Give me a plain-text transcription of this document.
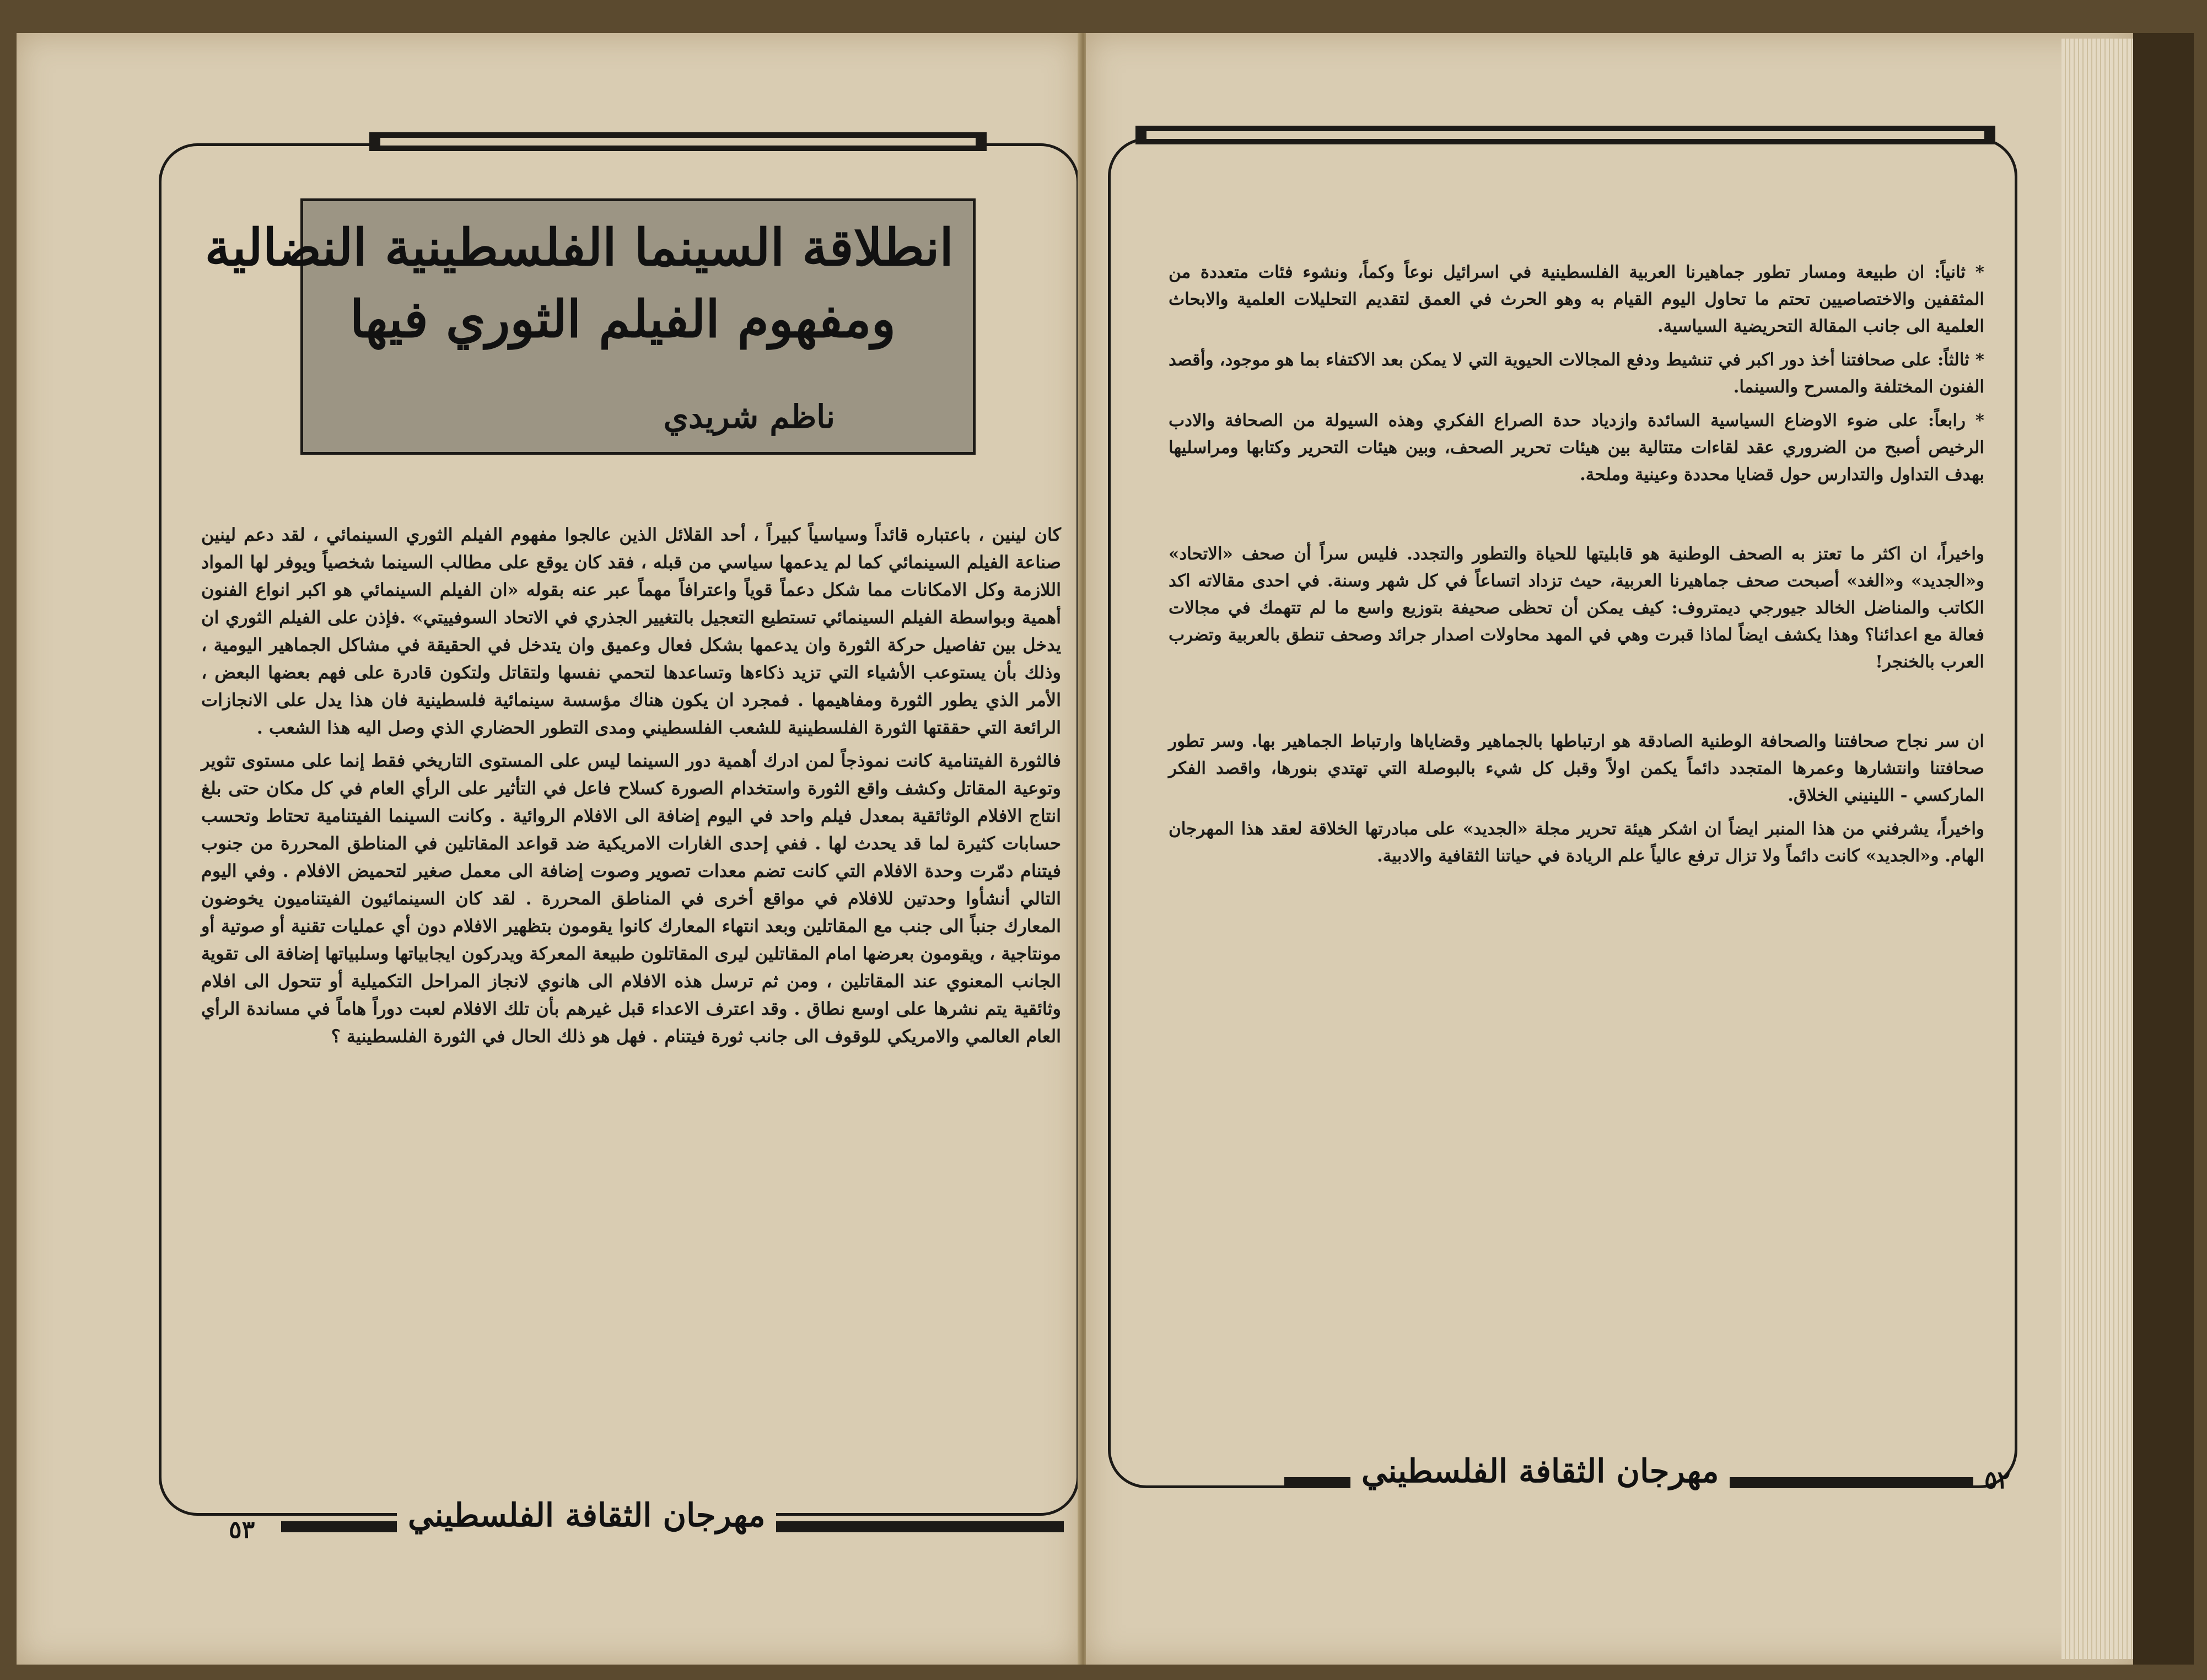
انطلاقة السينما الفلسطينية النضالية
ومفهوم الفيلم الثوري فيها
ناظم شريدي

كان لينين ، باعتباره قائداً وسياسياً كبيراً ، أحد القلائل الذين عالجوا مفهوم الفيلم الثوري السينمائي ، لقد دعم لينين صناعة الفيلم السينمائي كما لم يدعمها سياسي من قبله ، فقد كان يوقع على مطالب السينما شخصياً ويوفر لها المواد اللازمة وكل الامكانات مما شكل دعماً قوياً واعترافاً مهماً عبر عنه بقوله «ان الفيلم السينمائي هو اكبر انواع الفنون أهمية وبواسطة الفيلم السينمائي تستطيع التعجيل بالتغيير الجذري في الاتحاد السوفييتي» .فإذن على الفيلم الثوري ان يدخل بين تفاصيل حركة الثورة وان يدعمها بشكل فعال وعميق وان يتدخل في الحقيقة في مشاكل الجماهير اليومية ، وذلك بأن يستوعب الأشياء التي تزيد ذكاءها وتساعدها لتحمي نفسها ولتقاتل ولتكون قادرة على فهم بعضها البعض ، الأمر الذي يطور الثورة ومفاهيمها . فمجرد ان يكون هناك مؤسسة سينمائية فلسطينية فان هذا يدل على الانجازات الرائعة التي حققتها الثورة الفلسطينية للشعب الفلسطيني ومدى التطور الحضاري الذي وصل اليه هذا الشعب .

فالثورة الفيتنامية كانت نموذجاً لمن ادرك أهمية دور السينما ليس على المستوى التاريخي فقط إنما على مستوى تثوير وتوعية المقاتل وكشف واقع الثورة واستخدام الصورة كسلاح فاعل في التأثير على الرأي العام في كل مكان حتى بلغ انتاج الافلام الوثائقية بمعدل فيلم واحد في اليوم إضافة الى الافلام الروائية . وكانت السينما الفيتنامية تحتاط وتحسب حسابات كثيرة لما قد يحدث لها . ففي إحدى الغارات الامريكية ضد قواعد المقاتلين في المناطق المحررة من جنوب فيتنام دمّرت وحدة الافلام التي كانت تضم معدات تصوير وصوت إضافة الى معمل صغير لتحميض الافلام . وفي اليوم التالي أنشأوا وحدتين للافلام في مواقع أخرى في المناطق المحررة . لقد كان السينمائيون الفيتناميون يخوضون المعارك جنباً الى جنب مع المقاتلين وبعد انتهاء المعارك كانوا يقومون بتظهير الافلام دون أي عمليات تقنية أو صوتية أو مونتاجية ، ويقومون بعرضها امام المقاتلين ليرى المقاتلون طبيعة المعركة ويدركون ايجابياتها وسلبياتها إضافة الى تقوية الجانب المعنوي عند المقاتلين ، ومن ثم ترسل هذه الافلام الى هانوي لانجاز المراحل التكميلية أو تتحول الى افلام وثائقية يتم نشرها على اوسع نطاق . وقد اعترف الاعداء قبل غيرهم بأن تلك الافلام لعبت دوراً هاماً في مساندة الرأي العام العالمي والامريكي للوقوف الى جانب ثورة فيتنام . فهل هو ذلك الحال في الثورة الفلسطينية ؟

مهرجان الثقافة الفلسطيني
٥٣

* ثانياً: ان طبيعة ومسار تطور جماهيرنا العربية الفلسطينية في اسرائيل نوعاً وكماً، ونشوء فئات متعددة من المثقفين والاختصاصيين تحتم ما تحاول اليوم القيام به وهو الحرث في العمق لتقديم التحليلات العلمية والابحاث العلمية الى جانب المقالة التحريضية السياسية.

* ثالثاً: على صحافتنا أخذ دور اكبر في تنشيط ودفع المجالات الحيوية التي لا يمكن بعد الاكتفاء بما هو موجود، وأقصد الفنون المختلفة والمسرح والسينما.

* رابعاً: على ضوء الاوضاع السياسية السائدة وازدياد حدة الصراع الفكري وهذه السيولة من الصحافة والادب الرخيص أصبح من الضروري عقد لقاءات متتالية بين هيئات تحرير الصحف، وبين هيئات التحرير وكتابها ومراسليها بهدف التداول والتدارس حول قضايا محددة وعينية وملحة.

واخيراً، ان اكثر ما تعتز به الصحف الوطنية هو قابليتها للحياة والتطور والتجدد. فليس سراً أن صحف «الاتحاد» و«الجديد» و«الغد» أصبحت صحف جماهيرنا العربية، حيث تزداد اتساعاً في كل شهر وسنة. في احدى مقالاته اكد الكاتب والمناضل الخالد جيورجي ديمتروف: كيف يمكن أن تحظى صحيفة بتوزيع واسع ما لم تتهمك في مجالات فعالة مع اعدائنا؟ وهذا يكشف ايضاً لماذا قبرت وهي في المهد محاولات اصدار جرائد وصحف تنطق بالعربية وتضرب العرب بالخنجر!

ان سر نجاح صحافتنا والصحافة الوطنية الصادقة هو ارتباطها بالجماهير وقضاياها وارتباط الجماهير بها. وسر تطور صحافتنا وانتشارها وعمرها المتجدد دائماً يكمن اولاً وقبل كل شيء بالبوصلة التي تهتدي بنورها، واقصد الفكر الماركسي - اللينيني الخلاق.

واخيراً، يشرفني من هذا المنبر ايضاً ان اشكر هيئة تحرير مجلة «الجديد» على مبادرتها الخلاقة لعقد هذا المهرجان الهام. و«الجديد» كانت دائماً ولا تزال ترفع عالياً علم الريادة في حياتنا الثقافية والادبية.

مهرجان الثقافة الفلسطيني	٥٢
